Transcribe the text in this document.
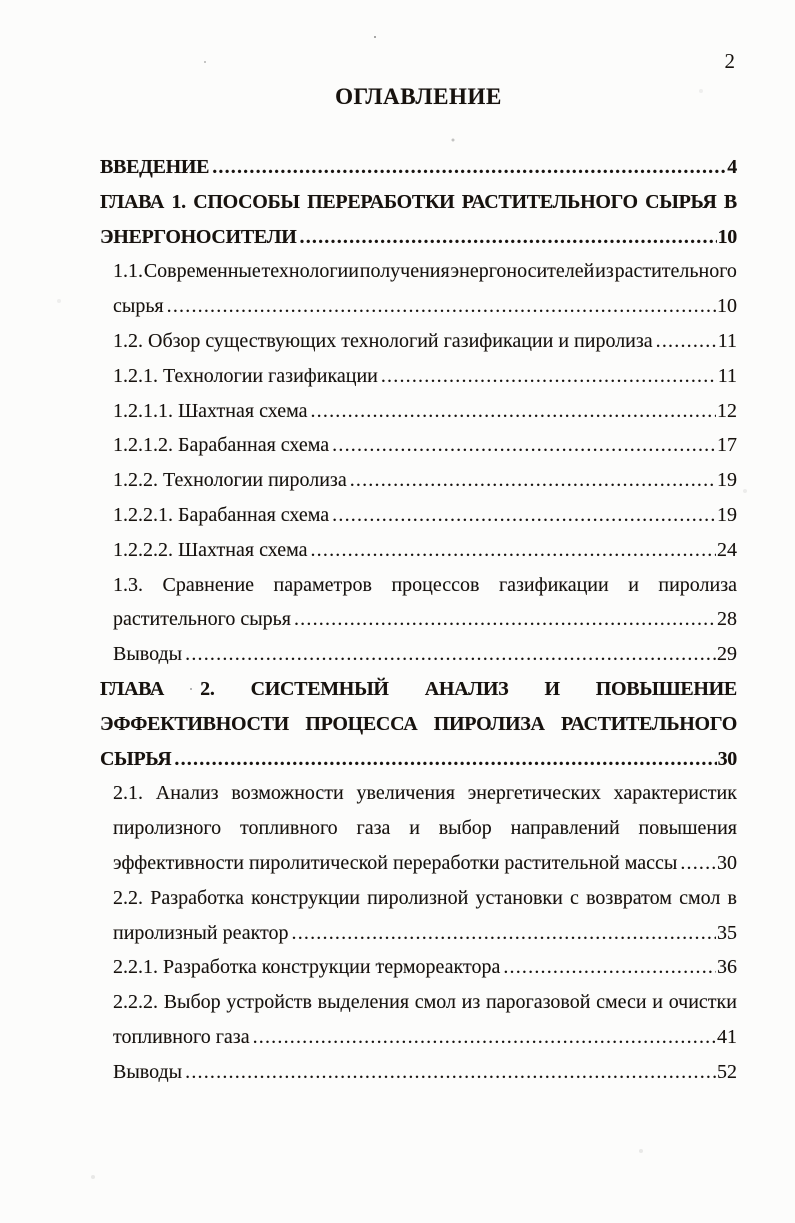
2
ОГЛАВЛЕНИЕ
ВВЕДЕНИЕ .....	4
ГЛАВА 1. СПОСОБЫ ПЕРЕРАБОТКИ РАСТИТЕЛЬНОГО СЫРЬЯ В
ЭНЕРГОНОСИТЕЛИ .....	10
1.1. Современные технологии получения энергоносителей из растительного
сырья .....	10
1.2. Обзор существующих технологий газификации и пиролиза .....	11
1.2.1. Технологии газификации .....	11
1.2.1.1. Шахтная схема .....	12
1.2.1.2. Барабанная схема .....	17
1.2.2. Технологии пиролиза .....	19
1.2.2.1. Барабанная схема .....	19
1.2.2.2. Шахтная схема .....	24
1.3. Сравнение параметров процессов газификации и пиролиза
растительного сырья .....	28
Выводы .....	29
ГЛАВА 2. СИСТЕМНЫЙ АНАЛИЗ И ПОВЫШЕНИЕ
ЭФФЕКТИВНОСТИ ПРОЦЕССА ПИРОЛИЗА РАСТИТЕЛЬНОГО
СЫРЬЯ .....	30
2.1. Анализ возможности увеличения энергетических характеристик
пиролизного топливного газа и выбор направлений повышения
эффективности пиролитической переработки растительной массы ..... 30
2.2. Разработка конструкции пиролизной установки с возвратом смол в
пиролизный реактор .....	35
2.2.1. Разработка конструкции термореактора .....	36
2.2.2. Выбор устройств выделения смол из парогазовой смеси и очистки
топливного газа .....	41
Выводы .....	52
